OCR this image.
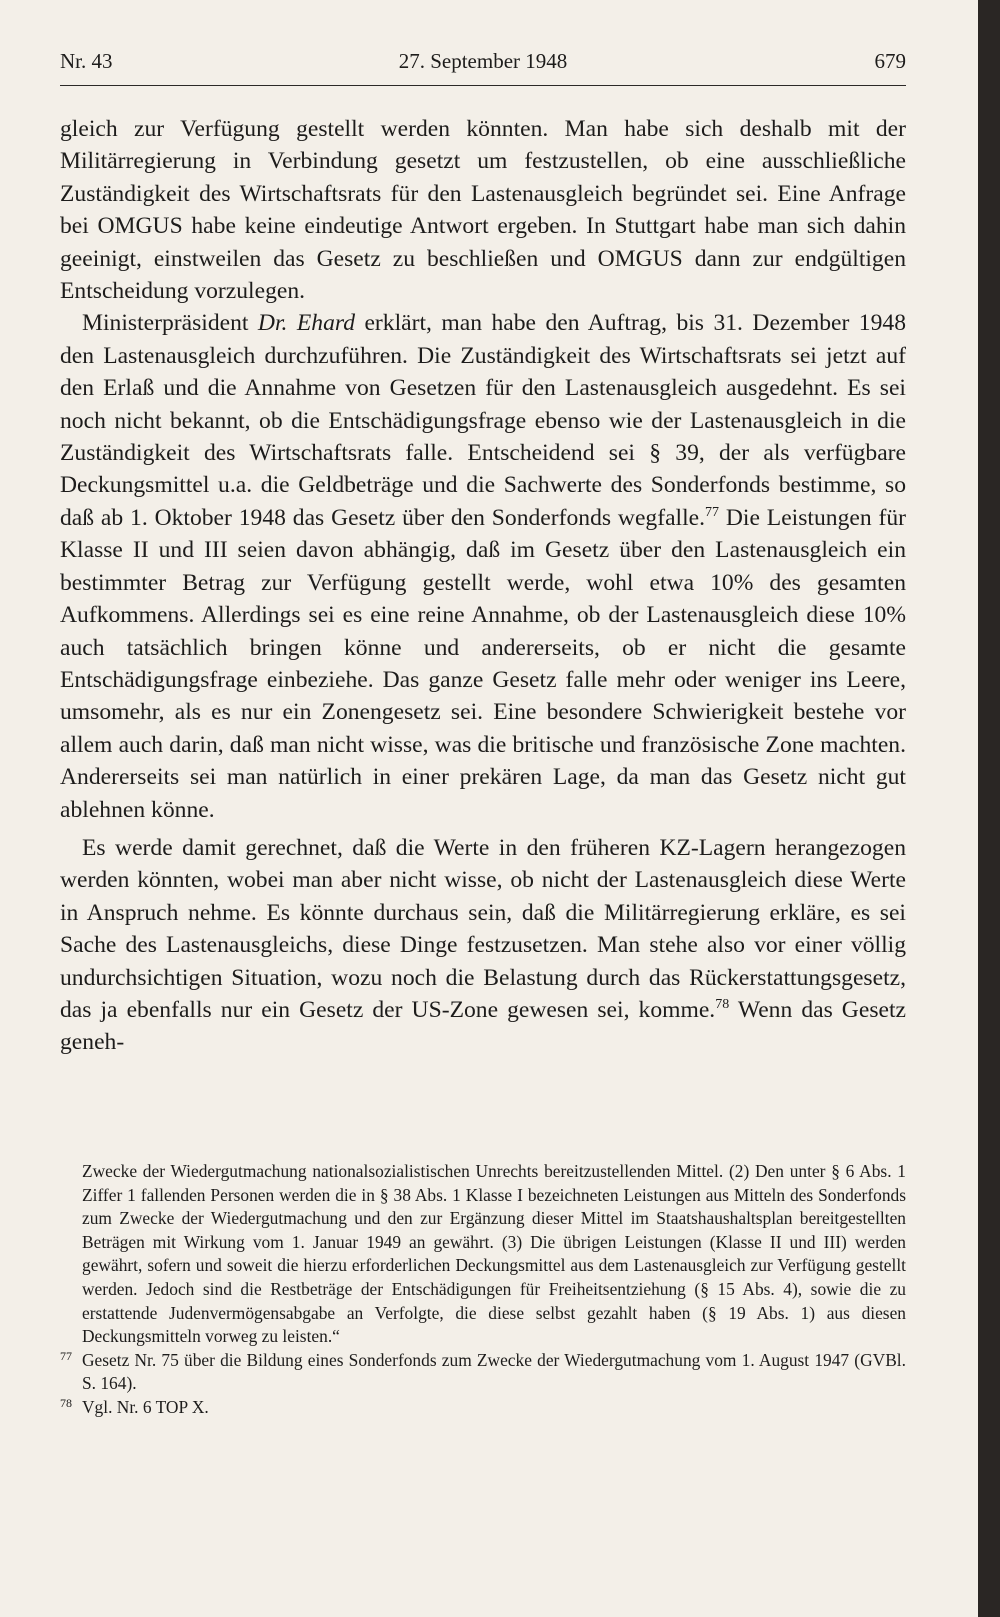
Nr. 43	27. September 1948	679

gleich zur Verfügung gestellt werden könnten. Man habe sich deshalb mit der Militärregierung in Verbindung gesetzt um festzustellen, ob eine ausschließliche Zuständigkeit des Wirtschaftsrats für den Lastenausgleich begründet sei. Eine Anfrage bei OMGUS habe keine eindeutige Antwort ergeben. In Stuttgart habe man sich dahin geeinigt, einstweilen das Gesetz zu beschließen und OMGUS dann zur endgültigen Entscheidung vorzulegen.

Ministerpräsident Dr. Ehard erklärt, man habe den Auftrag, bis 31. Dezember 1948 den Lastenausgleich durchzuführen. Die Zuständigkeit des Wirtschaftsrats sei jetzt auf den Erlaß und die Annahme von Gesetzen für den Lastenausgleich ausgedehnt. Es sei noch nicht bekannt, ob die Entschädigungsfrage ebenso wie der Lastenausgleich in die Zuständigkeit des Wirtschaftsrats falle. Entscheidend sei § 39, der als verfügbare Deckungsmittel u.a. die Geldbeträge und die Sachwerte des Sonderfonds bestimme, so daß ab 1. Oktober 1948 das Gesetz über den Sonderfonds wegfalle.$^{77}$ Die Leistungen für Klasse II und III seien davon abhängig, daß im Gesetz über den Lastenausgleich ein bestimmter Betrag zur Verfügung gestellt werde, wohl etwa 10% des gesamten Aufkommens. Allerdings sei es eine reine Annahme, ob der Lastenausgleich diese 10% auch tatsächlich bringen könne und andererseits, ob er nicht die gesamte Entschädigungsfrage einbeziehe. Das ganze Gesetz falle mehr oder weniger ins Leere, umsomehr, als es nur ein Zonengesetz sei. Eine besondere Schwierigkeit bestehe vor allem auch darin, daß man nicht wisse, was die britische und französische Zone machten. Andererseits sei man natürlich in einer prekären Lage, da man das Gesetz nicht gut ablehnen könne.

Es werde damit gerechnet, daß die Werte in den früheren KZ-Lagern herangezogen werden könnten, wobei man aber nicht wisse, ob nicht der Lastenausgleich diese Werte in Anspruch nehme. Es könnte durchaus sein, daß die Militärregierung erkläre, es sei Sache des Lastenausgleichs, diese Dinge festzusetzen. Man stehe also vor einer völlig undurchsichtigen Situation, wozu noch die Belastung durch das Rückerstattungsgesetz, das ja ebenfalls nur ein Gesetz der US-Zone gewesen sei, komme.$^{78}$ Wenn das Gesetz geneh-

Zwecke der Wiedergutmachung nationalsozialistischen Unrechts bereitzustellenden Mittel. (2) Den unter § 6 Abs. 1 Ziffer 1 fallenden Personen werden die in § 38 Abs. 1 Klasse I bezeichneten Leistungen aus Mitteln des Sonderfonds zum Zwecke der Wiedergutmachung und den zur Ergänzung dieser Mittel im Staatshaushaltsplan bereitgestellten Beträgen mit Wirkung vom 1. Januar 1949 an gewährt. (3) Die übrigen Leistungen (Klasse II und III) werden gewährt, sofern und soweit die hierzu erforderlichen Deckungsmittel aus dem Lastenausgleich zur Verfügung gestellt werden. Jedoch sind die Restbeträge der Entschädigungen für Freiheitsentziehung (§ 15 Abs. 4), sowie die zu erstattende Judenvermögensabgabe an Verfolgte, die diese selbst gezahlt haben (§ 19 Abs. 1) aus diesen Deckungsmitteln vorweg zu leisten.“

77 Gesetz Nr. 75 über die Bildung eines Sonderfonds zum Zwecke der Wiedergutmachung vom 1. August 1947 (GVBl. S. 164).

78 Vgl. Nr. 6 TOP X.
